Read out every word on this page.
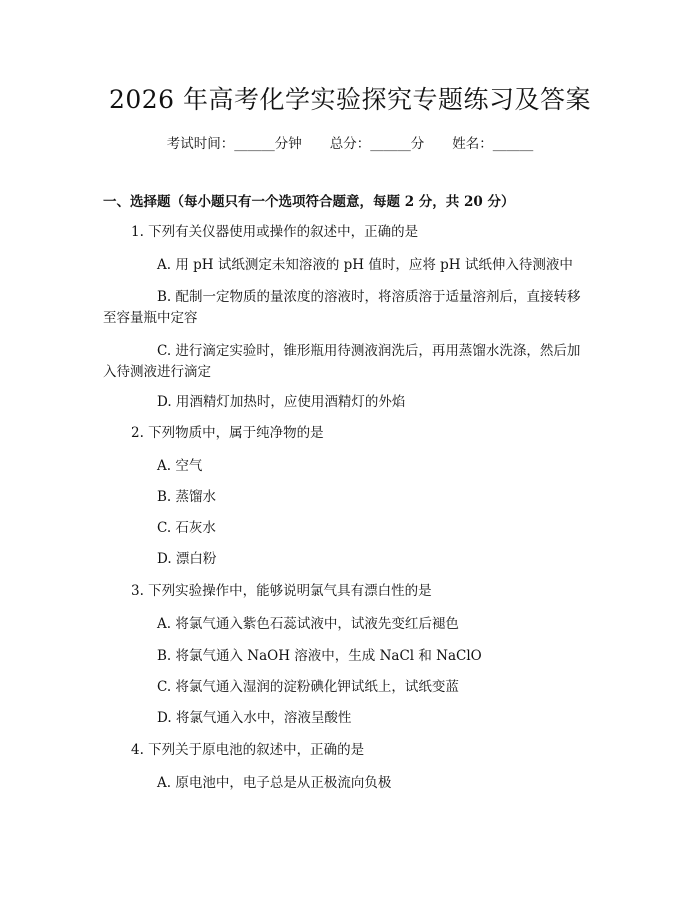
2026 年高考化学实验探究专题练习及答案
考试时间：______分钟 总分：______分 姓名：______
一、选择题（每小题只有一个选项符合题意，每题 2 分，共 20 分）
1. 下列有关仪器使用或操作的叙述中，正确的是
A. 用 pH 试纸测定未知溶液的 pH 值时，应将 pH 试纸伸入待测液中
B. 配制一定物质的量浓度的溶液时，将溶质溶于适量溶剂后，直接转移
至容量瓶中定容
C. 进行滴定实验时，锥形瓶用待测液润洗后，再用蒸馏水洗涤，然后加
入待测液进行滴定
D. 用酒精灯加热时，应使用酒精灯的外焰
2. 下列物质中，属于纯净物的是
A. 空气
B. 蒸馏水
C. 石灰水
D. 漂白粉
3. 下列实验操作中，能够说明氯气具有漂白性的是
A. 将氯气通入紫色石蕊试液中，试液先变红后褪色
B. 将氯气通入 NaOH 溶液中，生成 NaCl 和 NaClO
C. 将氯气通入湿润的淀粉碘化钾试纸上，试纸变蓝
D. 将氯气通入水中，溶液呈酸性
4. 下列关于原电池的叙述中，正确的是
A. 原电池中，电子总是从正极流向负极
